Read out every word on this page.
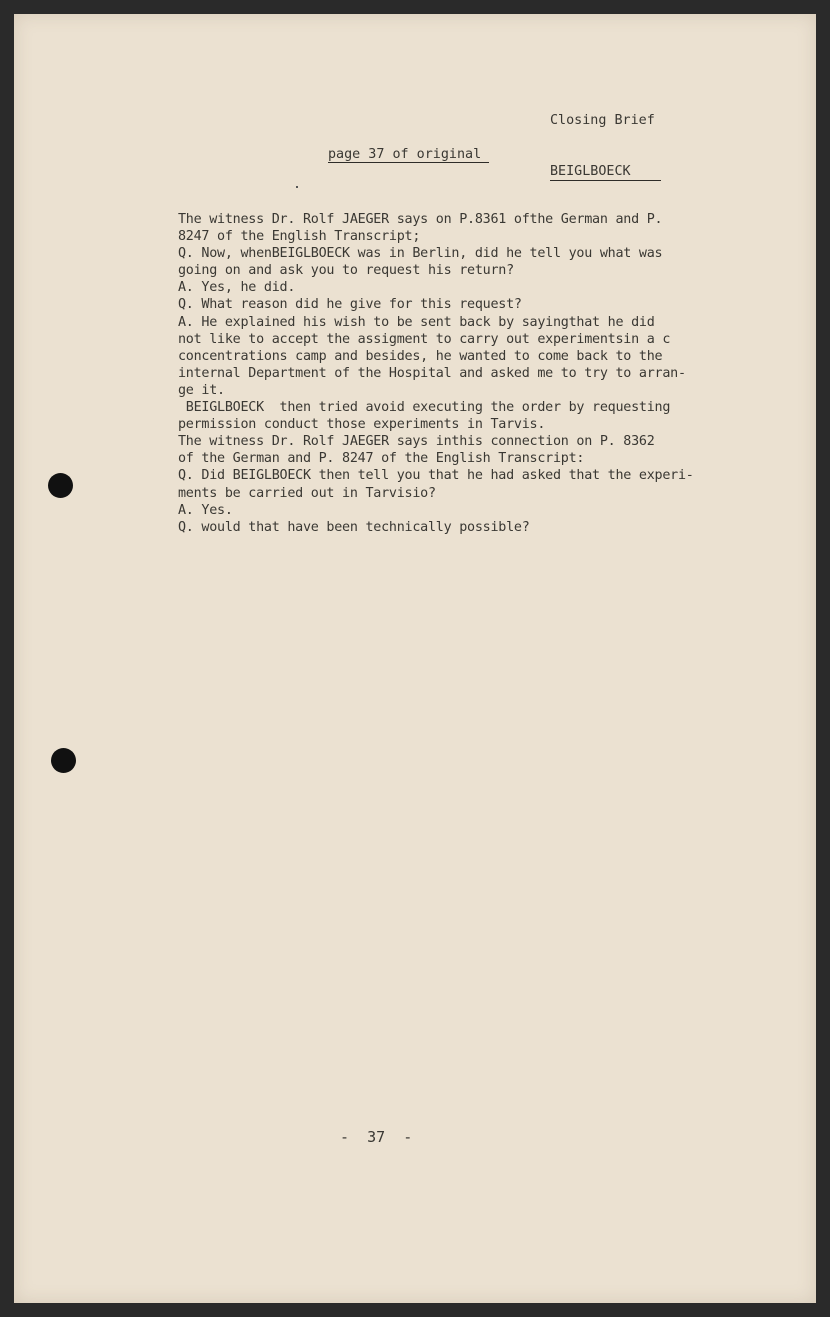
Closing Brief

BEIGLBOECK

page 37 of original
The witness Dr. Rolf JAEGER says on P.8361 ofthe German and P.
8247 of the English Transcript;
Q. Now, whenBEIGLBOECK was in Berlin, did he tell you what was
going on and ask you to request his return?
A. Yes, he did.
Q. What reason did he give for this request?
A. He explained his wish to be sent back by sayingthat he did
not like to accept the assigment to carry out experimentsin a c
concentrations camp and besides, he wanted to come back to the
internal Department of the Hospital and asked me to try to arran-
ge it.
BEIGLBOECK  then tried avoid executing the order by requesting
permission conduct those experiments in Tarvis.
The witness Dr. Rolf JAEGER says inthis connection on P. 8362
of the German and P. 8247 of the English Transcript:
Q. Did BEIGLBOECK then tell you that he had asked that the experi-
ments be carried out in Tarvisio?
A. Yes.
Q. would that have been technically possible?
-  37  -
